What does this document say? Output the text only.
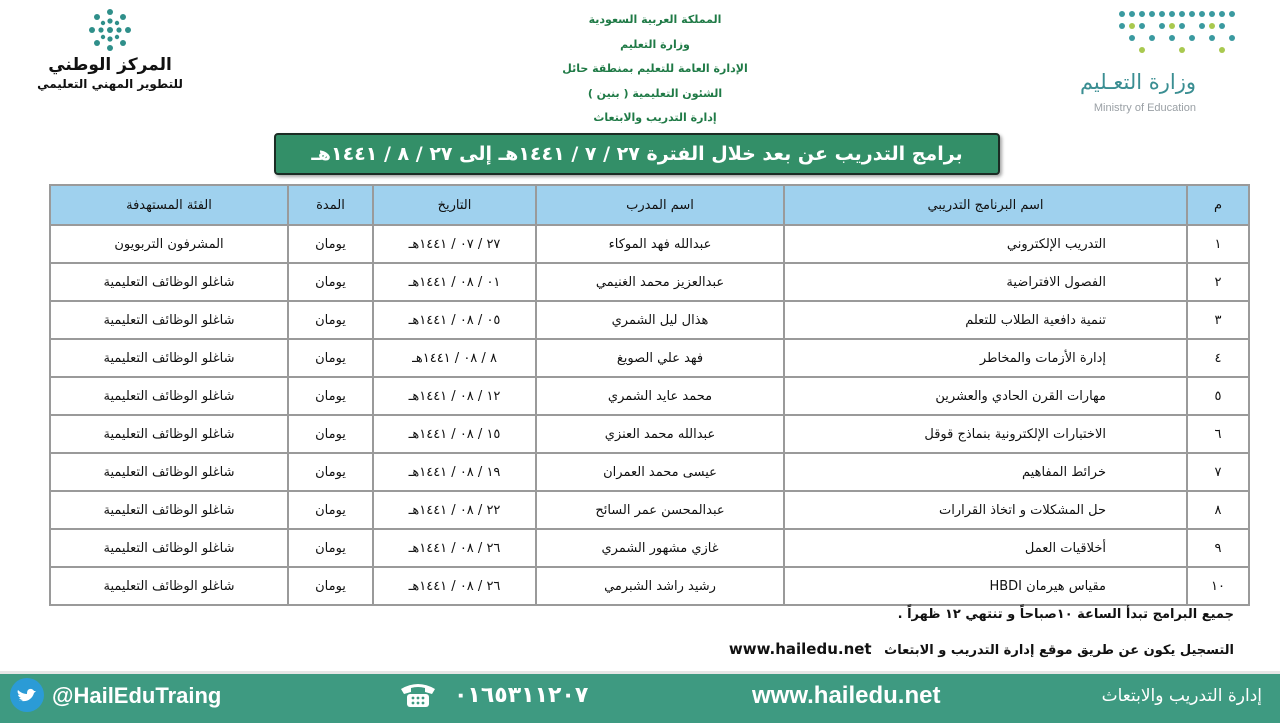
المركز الوطني
للتطوير المهني التعليمي
المملكة العربية السعودية
وزارة التعليم
الإدارة العامة للتعليم بمنطقة حائل
الشئون التعليمية ( بنين )
إدارة التدريب والابتعاث
وزارة التعـليم
Ministry of Education
برامج التدريب عن بعد خلال الفترة ٢٧ / ٧ / ١٤٤١هـ إلى ٢٧ / ٨ / ١٤٤١هـ
م	اسم البرنامج التدريبي	اسم المدرب	التاريخ	المدة	الفئة المستهدفة
١	التدريب الإلكتروني	عبدالله فهد الموكاء	٢٧ / ٠٧ / ١٤٤١هـ	يومان	المشرفون التربويون
٢	الفصول الافتراضية	عبدالعزيز محمد الغنيمي	٠١ / ٠٨ / ١٤٤١هـ	يومان	شاغلو الوظائف التعليمية
٣	تنمية دافعية الطلاب للتعلم	هذال ليل الشمري	٠٥ / ٠٨ / ١٤٤١هـ	يومان	شاغلو الوظائف التعليمية
٤	إدارة الأزمات والمخاطر	فهد علي الصويغ	٨ / ٠٨ / ١٤٤١هـ	يومان	شاغلو الوظائف التعليمية
٥	مهارات القرن الحادي والعشرين	محمد عايد الشمري	١٢ / ٠٨ / ١٤٤١هـ	يومان	شاغلو الوظائف التعليمية
٦	الاختبارات الإلكترونية بنماذج قوقل	عبدالله محمد العنزي	١٥ / ٠٨ / ١٤٤١هـ	يومان	شاغلو الوظائف التعليمية
٧	خرائط المفاهيم	عيسى محمد العمران	١٩ / ٠٨ / ١٤٤١هـ	يومان	شاغلو الوظائف التعليمية
٨	حل المشكلات و اتخاذ القرارات	عبدالمحسن عمر السائح	٢٢ / ٠٨ / ١٤٤١هـ	يومان	شاغلو الوظائف التعليمية
٩	أخلاقيات العمل	غازي مشهور الشمري	٢٦ / ٠٨ / ١٤٤١هـ	يومان	شاغلو الوظائف التعليمية
١٠	مقياس هيرمان HBDI	رشيد راشد الشبرمي	٢٦ / ٠٨ / ١٤٤١هـ	يومان	شاغلو الوظائف التعليمية
جميع البرامج تبدأ الساعة ١٠صباحاً و تنتهي ١٢ ظهراً .
التسجيل يكون عن طريق موقع إدارة التدريب و الابتعاث www.hailedu.net
@HailEduTraing	٠١٦٥٣١١٢٠٧	www.hailedu.net	إدارة التدريب والابتعاث
